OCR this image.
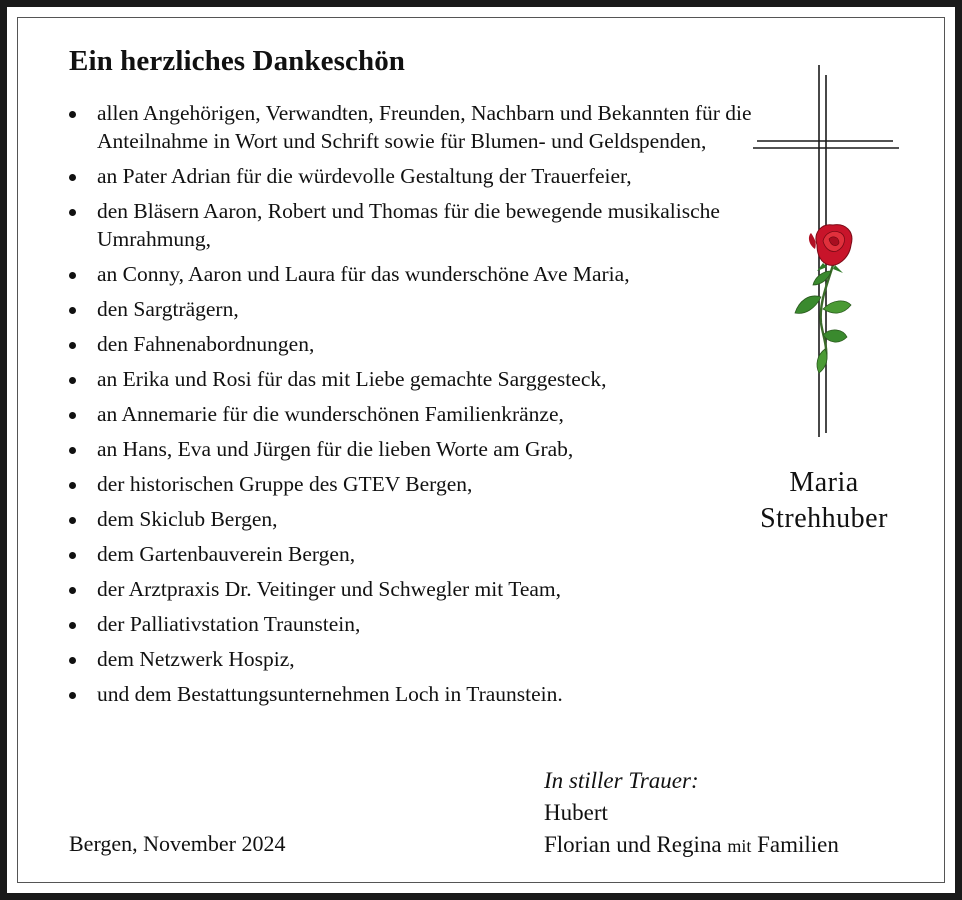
Ein herzliches Dankeschön
allen Angehörigen, Verwandten, Freunden, Nachbarn und Bekannten für die Anteilnahme in Wort und Schrift sowie für Blumen- und Geldspenden,
an Pater Adrian für die würdevolle Gestaltung der Trauerfeier,
den Bläsern Aaron, Robert und Thomas für die bewegende musikalische Umrahmung,
an Conny, Aaron und Laura für das wunderschöne Ave Maria,
den Sargträgern,
den Fahnenabordnungen,
an Erika und Rosi für das mit Liebe gemachte Sarggesteck,
an Annemarie für die wunderschönen Familienkränze,
an Hans, Eva und Jürgen für die lieben Worte am Grab,
der historischen Gruppe des GTEV Bergen,
dem Skiclub Bergen,
dem Gartenbauverein Bergen,
der Arztpraxis Dr. Veitinger und Schwegler mit Team,
der Palliativstation Traunstein,
dem Netzwerk Hospiz,
und dem Bestattungsunternehmen Loch in Traunstein.
Maria
Strehhuber
Bergen, November 2024
In stiller Trauer:
Hubert
Florian und Regina mit Familien
